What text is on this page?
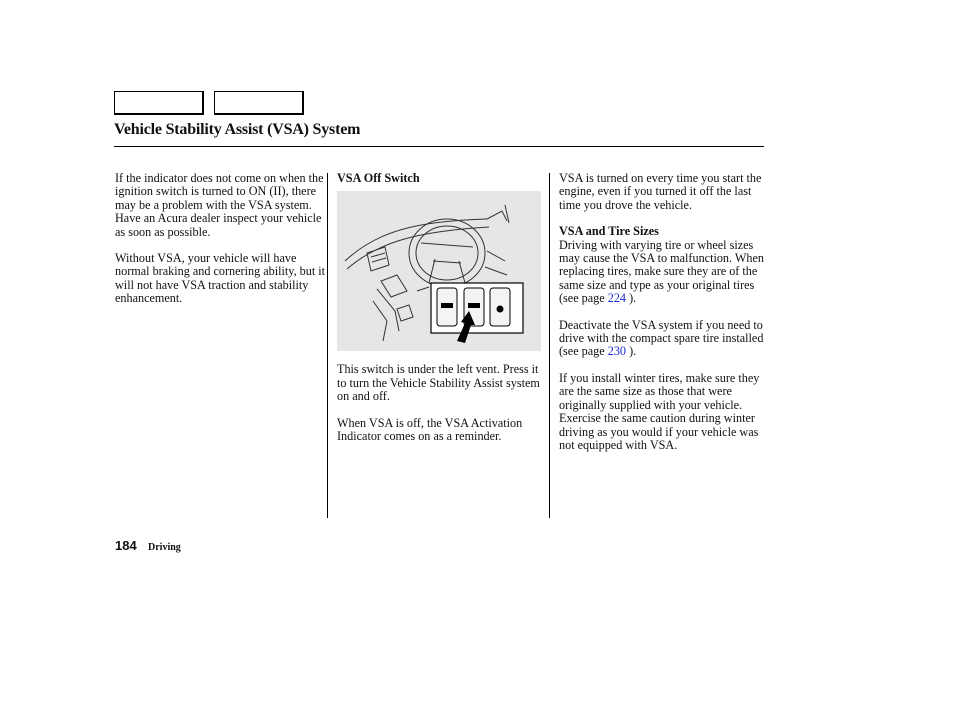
Vehicle Stability Assist (VSA) System

If the indicator does not come on when the ignition switch is turned to ON (II), there may be a problem with the VSA system. Have an Acura dealer inspect your vehicle as soon as possible.

Without VSA, your vehicle will have normal braking and cornering ability, but it will not have VSA traction and stability enhancement.

VSA Off Switch

This switch is under the left vent. Press it to turn the Vehicle Stability Assist system on and off.

When VSA is off, the VSA Activation Indicator comes on as a reminder.

VSA is turned on every time you start the engine, even if you turned it off the last time you drove the vehicle.

VSA and Tire Sizes

Driving with varying tire or wheel sizes may cause the VSA to malfunction. When replacing tires, make sure they are of the same size and type as your original tires (see page 224 ).

Deactivate the VSA system if you need to drive with the compact spare tire installed (see page 230 ).

If you install winter tires, make sure they are the same size as those that were originally supplied with your vehicle. Exercise the same caution during winter driving as you would if your vehicle was not equipped with VSA.

184 Driving
